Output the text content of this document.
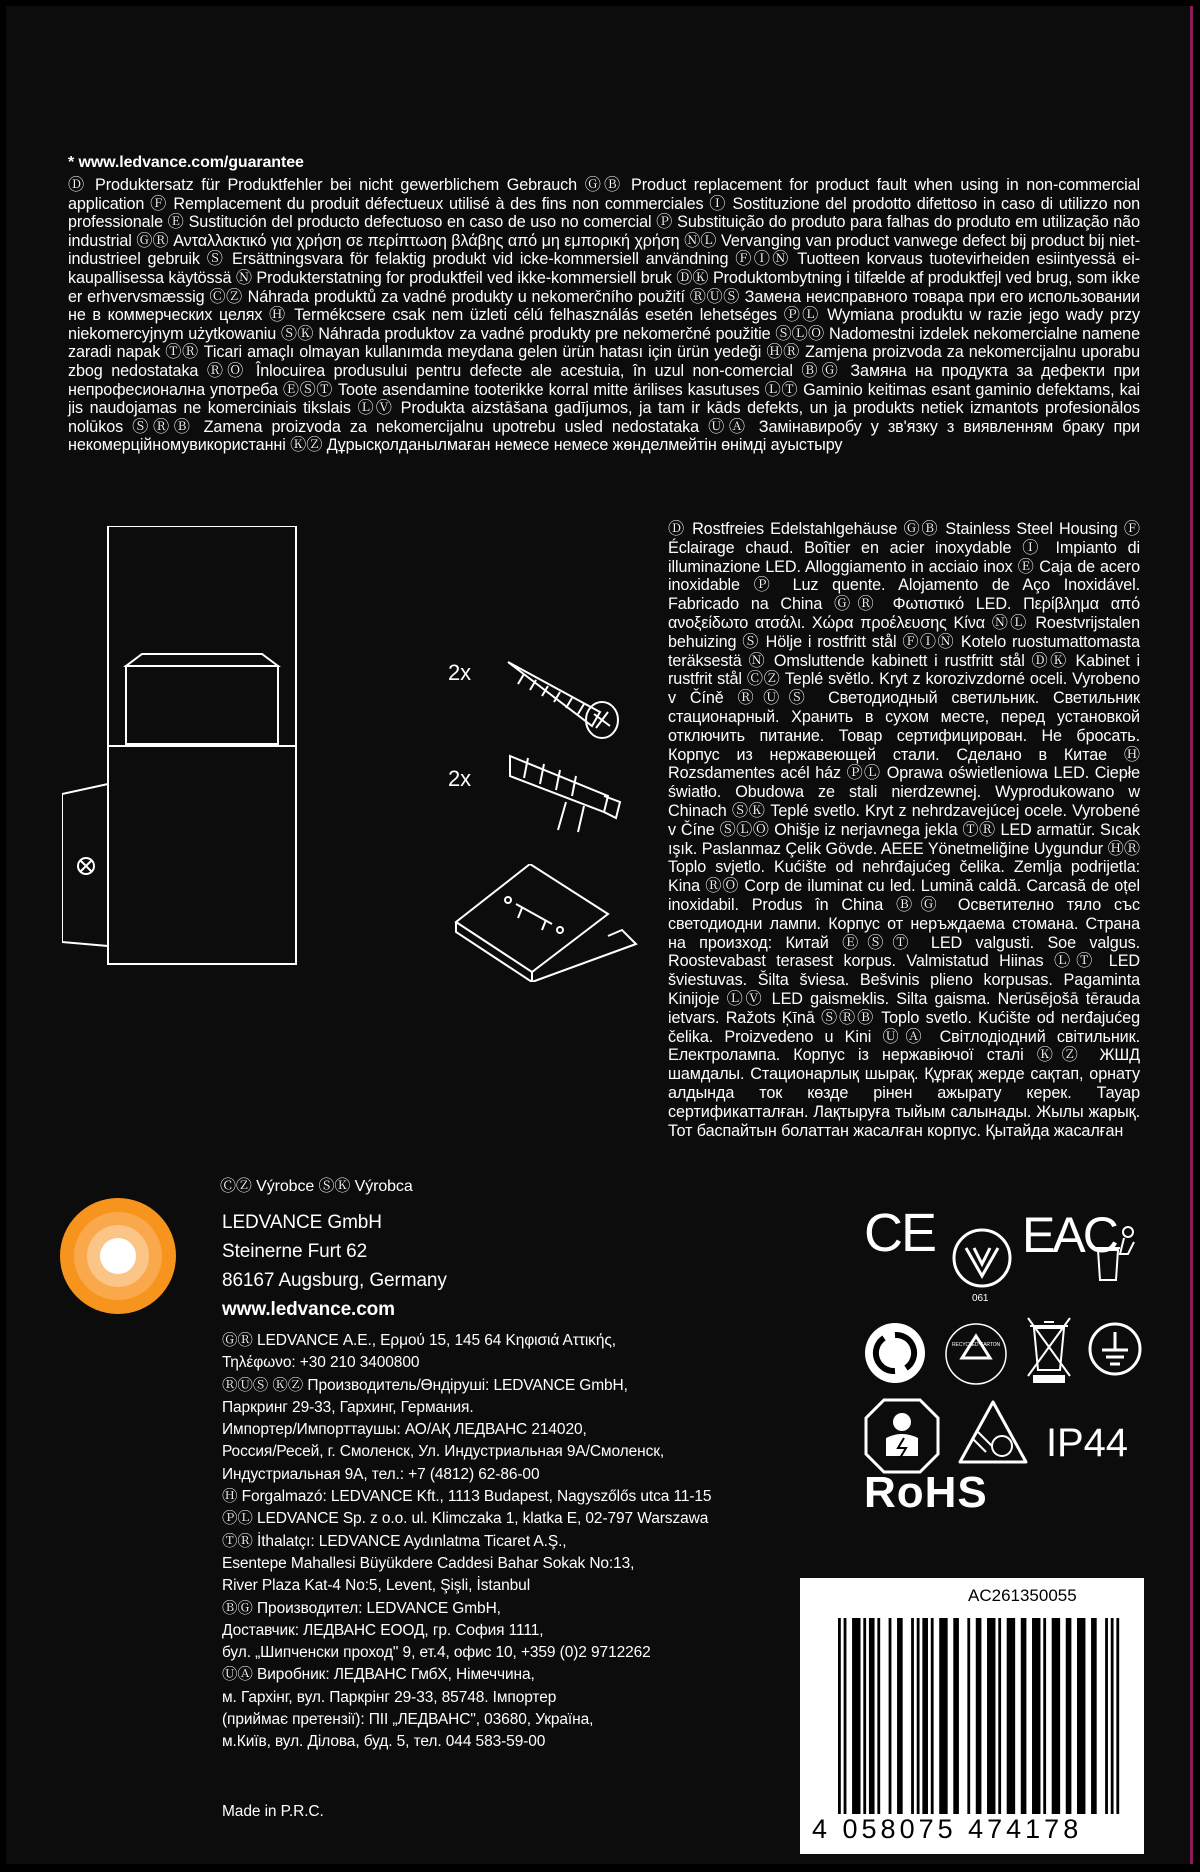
* www.ledvance.com/guarantee
Ⓓ Produktersatz für Produktfehler bei nicht gewerblichem Gebrauch ⒼⒷ Product replacement for product fault when using in non-commercial application Ⓕ Remplacement du produit défectueux utilisé à des fins non commerciales Ⓘ Sostituzione del prodotto difettoso in caso di utilizzo non professionale Ⓔ Sustitución del producto defectuoso en caso de uso no comercial Ⓟ Substituição do produto para falhas do produto em utilização não industrial ⒼⓇ Ανταλλακτικό για χρήση σε περίπτωση βλάβης από μη εμπορική χρήση ⓃⓁ Vervanging van product vanwege defect bij product bij niet-industrieel gebruik Ⓢ Ersättningsvara för felaktig produkt vid icke-kommersiell användning ⒻⒾⓃ Tuotteen korvaus tuotevirheiden esiintyessä ei-kaupallisessa käytössä Ⓝ Produkterstatning for produktfeil ved ikke-kommersiell bruk ⒹⓀ Produktombytning i tilfælde af produktfejl ved brug, som ikke er erhvervsmæssig ⒸⓏ Náhrada produktů za vadné produkty u nekomerčního použití ⓇⓊⓈ Замена неисправного товара при его использовании не в коммерческих целях Ⓗ Termékcsere csak nem üzleti célú felhasználás esetén lehetséges ⓅⓁ Wymiana produktu w razie jego wady przy niekomercyjnym użytkowaniu ⓈⓀ Náhrada produktov za vadné produkty pre nekomerčné použitie ⓈⓁⓄ Nadomestni izdelek nekomercialne namene zaradi napak ⓉⓇ Ticari amaçlı olmayan kullanımda meydana gelen ürün hatası için ürün yedeği ⒽⓇ Zamjena proizvoda za nekomercijalnu uporabu zbog nedostataka ⓇⓄ Înlocuirea produsului pentru defecte ale acestuia, în uzul non-comercial ⒷⒼ Замяна на продукта за дефекти при непрофесионална употреба ⒺⓈⓉ Toote asendamine tooterikke korral mitte ärilises kasutuses ⓁⓉ Gaminio keitimas esant gaminio defektams, kai jis naudojamas ne komerciniais tikslais ⓁⓋ Produkta aizstāšana gadījumos, ja tam ir kāds defekts, un ja produkts netiek izmantots profesionālos nolūkos ⓈⓇⒷ Zamena proizvoda za nekomercijalnu upotrebu usled nedostataka ⓊⒶ Замінавиробу у зв'язку з виявленням браку при некомерційномувикористанні ⓀⓏ Дұрысқолданылмаған немесе немесе жөнделмейтін өнімді ауыстыру
2x
2x
Ⓓ Rostfreies Edelstahlgehäuse ⒼⒷ Stainless Steel Housing Ⓕ Éclairage chaud. Boîtier en acier inoxydable Ⓘ Impianto di illuminazione LED. Alloggiamento in acciaio inox Ⓔ Caja de acero inoxidable Ⓟ Luz quente. Alojamento de Aço Inoxidável. Fabricado na China ⒼⓇ Φωτιστικό LED. Περίβλημα από ανοξείδωτο ατσάλι. Χώρα προέλευσης Κίνα ⓃⓁ Roestvrijstalen behuizing Ⓢ Hölje i rostfritt stål ⒻⒾⓃ Kotelo ruostumattomasta teräksestä Ⓝ Omsluttende kabinett i rustfritt stål ⒹⓀ Kabinet i rustfrit stål ⒸⓏ Teplé světlo. Kryt z korozivzdorné oceli. Vyrobeno v Číně ⓇⓊⓈ Светодиодный светильник. Светильник стационарный. Хранить в сухом месте, перед установкой отключить питание. Товар сертифицирован. Не бросать. Корпус из нержавеющей стали. Сделано в Китае Ⓗ Rozsdamentes acél ház ⓅⓁ Oprawa oświetleniowa LED. Ciepłe światło. Obudowa ze stali nierdzewnej. Wyprodukowano w Chinach ⓈⓀ Teplé svetlo. Kryt z nehrdzavejúcej ocele. Vyrobené v Číne ⓈⓁⓄ Ohišje iz nerjavnega jekla ⓉⓇ LED armatür. Sıcak ışık. Paslanmaz Çelik Gövde. AEEE Yönetmeliğine Uygundur ⒽⓇ Toplo svjetlo. Kućište od nehrđajućeg čelika. Zemlja podrijetla: Kina ⓇⓄ Corp de iluminat cu led. Lumină caldă. Carcasă de oțel inoxidabil. Produs în China ⒷⒼ Осветително тяло със светодиодни лампи. Корпус от неръждаема стомана. Страна на произход: Китай ⒺⓈⓉ LED valgusti. Soe valgus. Roostevabast terasest korpus. Valmistatud Hiinas ⓁⓉ LED šviestuvas. Šilta šviesa. Bešvinis plieno korpusas. Pagaminta Kinijoje ⓁⓋ LED gaismeklis. Silta gaisma. Nerūsējošā tērauda ietvars. Ražots Ķīnā ⓈⓇⒷ Toplo svetlo. Kućište od nerđajućeg čelika. Proizvedeno u Kini ⓊⒶ Світлодіодний світильник. Електролампа. Корпус із нержавіючої сталі ⓀⓏ ЖШД шамдалы. Стационарлық шырақ. Құрғақ жерде сақтап, орнату алдында ток көзде рінен ажырату керек. Тауар сертификатталған. Лақтыруға тыйым салынады. Жылы жарық. Тот баспайтын болаттан жасалған корпус. Қытайда жасалған
ⒸⓏ Výrobce ⓈⓀ Výrobca
LEDVANCE GmbH
Steinerne Furt 62
86167 Augsburg, Germany
www.ledvance.com
ⒼⓇ LEDVANCE Α.Ε., Ερμού 15, 145 64 Κηφισιά Αττικής,
Τηλέφωνο: +30 210 3400800
ⓇⓊⓈ ⓀⓏ Производитель/Өндіруші: LEDVANCE GmbH,
Паркринг 29-33, Гархинг, Германия.
Импортер/Импорттаушы: АО/АҚ ЛЕДВАНС 214020,
Россия/Ресей, г. Смоленск, Ул. Индустриальная 9А/Смоленск,
Индустриальная 9А, тел.: +7 (4812) 62-86-00
Ⓗ Forgalmazó: LEDVANCE Kft., 1113 Budapest, Nagyszőlős utca 11-15
ⓅⓁ LEDVANCE Sp. z o.o. ul. Klimczaka 1, klatka E, 02-797 Warszawa
ⓉⓇ İthalatçı: LEDVANCE Aydınlatma Ticaret A.Ş.,
Esentepe Mahallesi Büyükdere Caddesi Bahar Sokak No:13,
River Plaza Kat-4 No:5, Levent, Şişli, İstanbul
ⒷⒼ Производител: LEDVANCE GmbH,
Доставчик: ЛЕДВАНС ЕООД, гр. София 1111,
бул. „Шипченски проход" 9, ет.4, офис 10, +359 (0)2 9712262
ⓊⒶ Виробник: ЛЕДВАНС ГмбХ, Німеччина,
м. Гархінг, вул. Паркрінг 29-33, 85748. Імпортер
(приймає претензії): ПІІ „ЛЕДВАНС", 03680, Україна,
м.Київ, вул. Ділова, буд. 5, тел. 044 583-59-00
Made in P.R.C.
CE
061
EAC
RECYCLED CARTON
IP44
RoHS
AC261350055
4 058075 474178
